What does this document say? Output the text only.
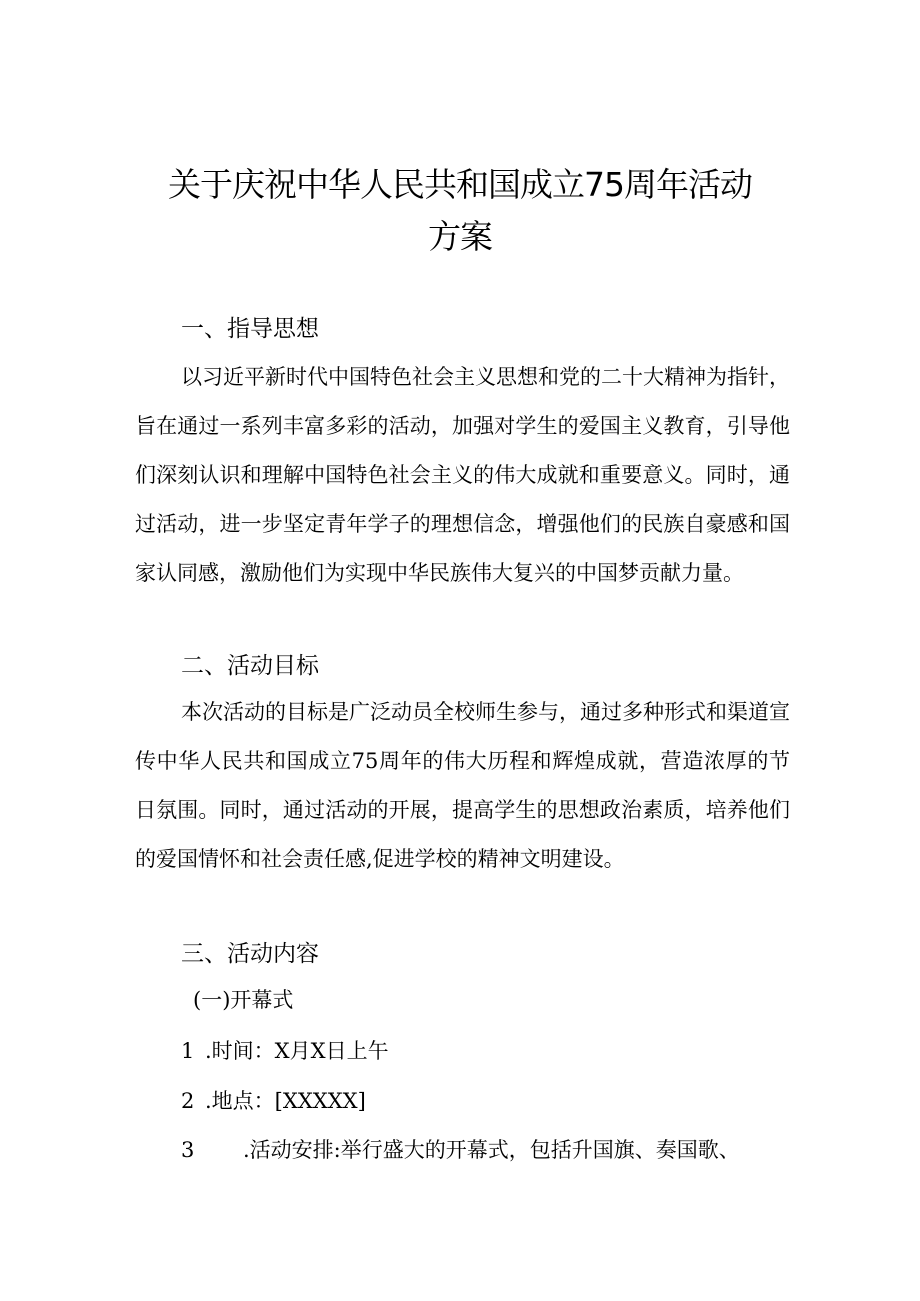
关于庆祝中华人民共和国成立75周年活动
方案
一、指导思想
以习近平新时代中国特色社会主义思想和党的二十大精神为指针，旨在通过一系列丰富多彩的活动，加强对学生的爱国主义教育，引导他们深刻认识和理解中国特色社会主义的伟大成就和重要意义。同时，通过活动，进一步坚定青年学子的理想信念，增强他们的民族自豪感和国家认同感，激励他们为实现中华民族伟大复兴的中国梦贡献力量。
二、活动目标
本次活动的目标是广泛动员全校师生参与，通过多种形式和渠道宣传中华人民共和国成立75周年的伟大历程和辉煌成就，营造浓厚的节日氛围。同时，通过活动的开展，提高学生的思想政治素质，培养他们的爱国情怀和社会责任感,促进学校的精神文明建设。
三、活动内容
(一)开幕式
1 .时间：X月X日上午
2 .地点：[XXXXX]
3 .活动安排:举行盛大的开幕式，包括升国旗、奏国歌、
